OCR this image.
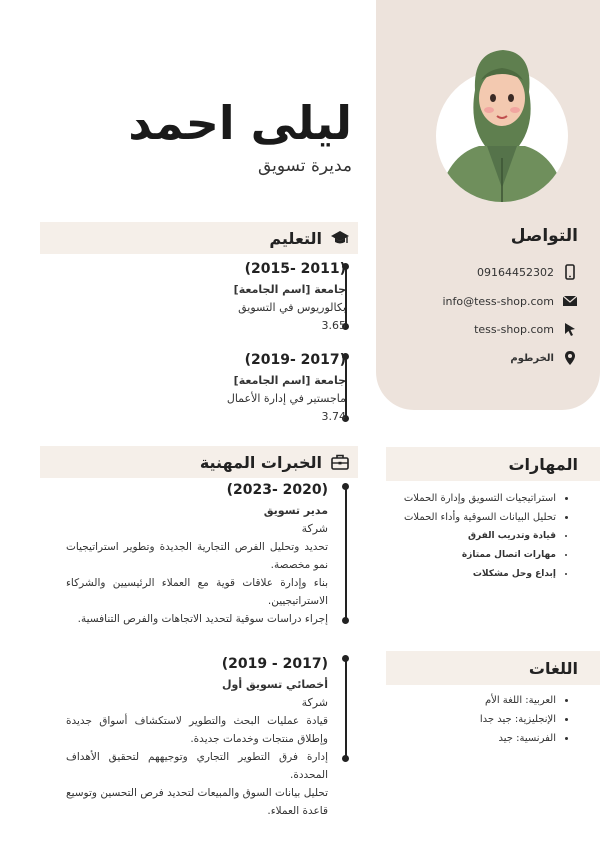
ليلى احمد
مديرة تسويق
التواصل
09164452302
info@tess-shop.com
tess-shop.com
الخرطوم
التعليم
(2011 -2015)
جامعة [اسم الجامعة]
بكالوريوس في التسويق
3.65
(2017 -2019)
جامعة [اسم الجامعة]
ماجستير في إدارة الأعمال
3.74
الخبرات المهنية
(2020 -2023)
مدير تسويق
شركة
تحديد وتحليل الفرص التجارية الجديدة وتطوير استراتيجيات نمو مخصصة.
بناء وإدارة علاقات قوية مع العملاء الرئيسيين والشركاء الاستراتيجيين.
إجراء دراسات سوقية لتحديد الاتجاهات والفرص التنافسية.
(2017 - 2019)
أخصائي تسويق أول
شركة
قيادة عمليات البحث والتطوير لاستكشاف أسواق جديدة وإطلاق منتجات وخدمات جديدة.
إدارة فرق التطوير التجاري وتوجيههم لتحقيق الأهداف المحددة.
تحليل بيانات السوق والمبيعات لتحديد فرص التحسين وتوسيع قاعدة العملاء.
المهارات
• استراتيجيات التسويق وإدارة الحملات
• تحليل البيانات السوقية وأداء الحملات
• قيادة وتدريب الفرق
• مهارات اتصال ممتازة
• إبداع وحل مشكلات
اللغات
• العربية: اللغة الأم
• الإنجليزية: جيد جدا
• الفرنسية: جيد
